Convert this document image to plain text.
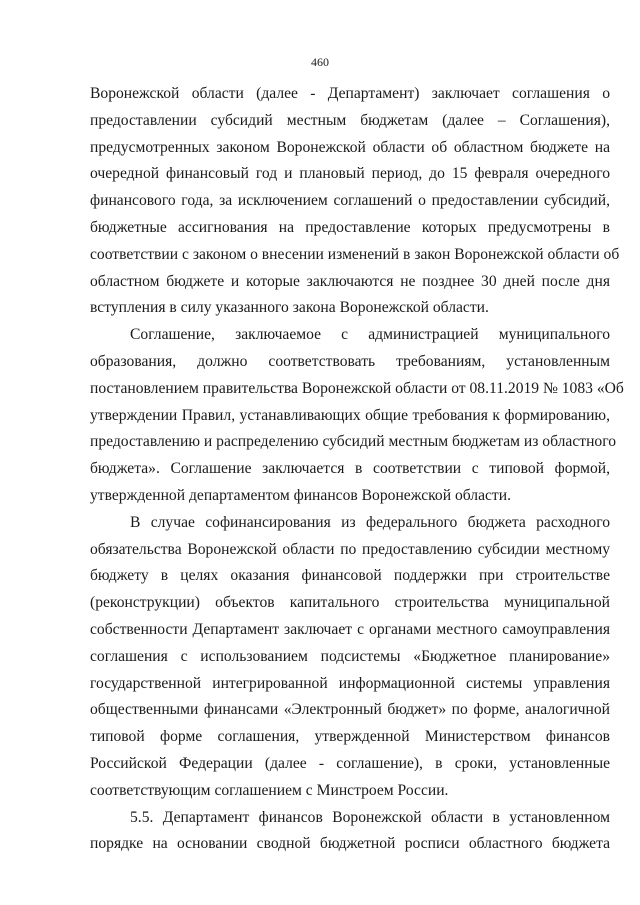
460
Воронежской области (далее - Департамент) заключает соглашения о
предоставлении субсидий местным бюджетам (далее – Соглашения),
предусмотренных законом Воронежской области об областном бюджете на
очередной финансовый год и плановый период, до 15 февраля очередного
финансового года, за исключением соглашений о предоставлении субсидий,
бюджетные ассигнования на предоставление которых предусмотрены в
соответствии с законом о внесении изменений в закон Воронежской области об
областном бюджете и которые заключаются не позднее 30 дней после дня
вступления в силу указанного закона Воронежской области.
Соглашение, заключаемое с администрацией муниципального
образования, должно соответствовать требованиям, установленным
постановлением правительства Воронежской области от 08.11.2019 № 1083 «Об
утверждении Правил, устанавливающих общие требования к формированию,
предоставлению и распределению субсидий местным бюджетам из областного
бюджета». Соглашение заключается в соответствии с типовой формой,
утвержденной департаментом финансов Воронежской области.
В случае софинансирования из федерального бюджета расходного
обязательства Воронежской области по предоставлению субсидии местному
бюджету в целях оказания финансовой поддержки при строительстве
(реконструкции) объектов капитального строительства муниципальной
собственности Департамент заключает с органами местного самоуправления
соглашения с использованием подсистемы «Бюджетное планирование»
государственной интегрированной информационной системы управления
общественными финансами «Электронный бюджет» по форме, аналогичной
типовой форме соглашения, утвержденной Министерством финансов
Российской Федерации (далее - соглашение), в сроки, установленные
соответствующим соглашением с Минстроем России.
5.5. Департамент финансов Воронежской области в установленном
порядке на основании сводной бюджетной росписи областного бюджета
